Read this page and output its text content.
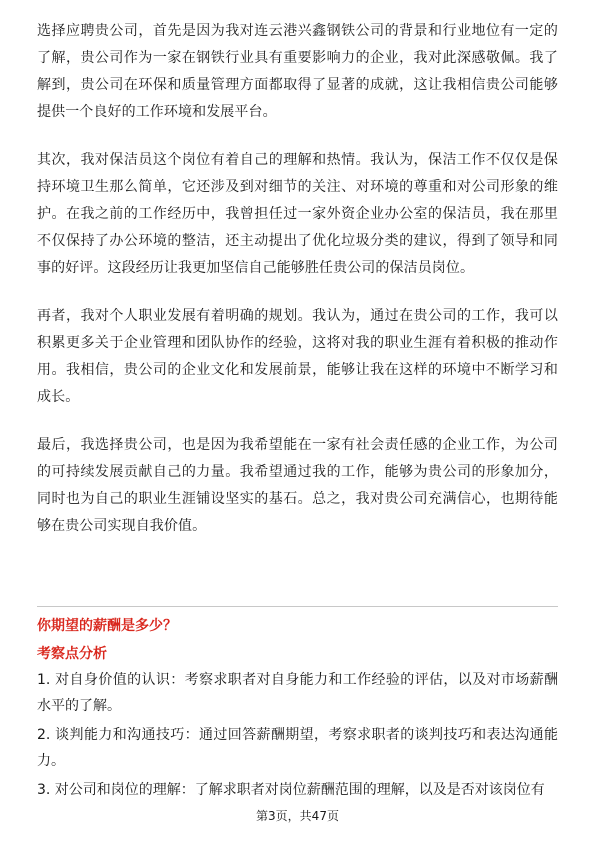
选择应聘贵公司，首先是因为我对连云港兴鑫钢铁公司的背景和行业地位有一定的了解，贵公司作为一家在钢铁行业具有重要影响力的企业，我对此深感敬佩。我了解到，贵公司在环保和质量管理方面都取得了显著的成就，这让我相信贵公司能够提供一个良好的工作环境和发展平台。

其次，我对保洁员这个岗位有着自己的理解和热情。我认为，保洁工作不仅仅是保持环境卫生那么简单，它还涉及到对细节的关注、对环境的尊重和对公司形象的维护。在我之前的工作经历中，我曾担任过一家外资企业办公室的保洁员，我在那里不仅保持了办公环境的整洁，还主动提出了优化垃圾分类的建议，得到了领导和同事的好评。这段经历让我更加坚信自己能够胜任贵公司的保洁员岗位。

再者，我对个人职业发展有着明确的规划。我认为，通过在贵公司的工作，我可以积累更多关于企业管理和团队协作的经验，这将对我的职业生涯有着积极的推动作用。我相信，贵公司的企业文化和发展前景，能够让我在这样的环境中不断学习和成长。

最后，我选择贵公司，也是因为我希望能在一家有社会责任感的企业工作，为公司的可持续发展贡献自己的力量。我希望通过我的工作，能够为贵公司的形象加分，同时也为自己的职业生涯铺设坚实的基石。总之，我对贵公司充满信心，也期待能够在贵公司实现自我价值。

你期望的薪酬是多少？

考察点分析

1. 对自身价值的认识：考察求职者对自身能力和工作经验的评估，以及对市场薪酬水平的了解。
2. 谈判能力和沟通技巧：通过回答薪酬期望，考察求职者的谈判技巧和表达沟通能力。
3. 对公司和岗位的理解：了解求职者对岗位薪酬范围的理解，以及是否对该岗位有
第3页，共47页
